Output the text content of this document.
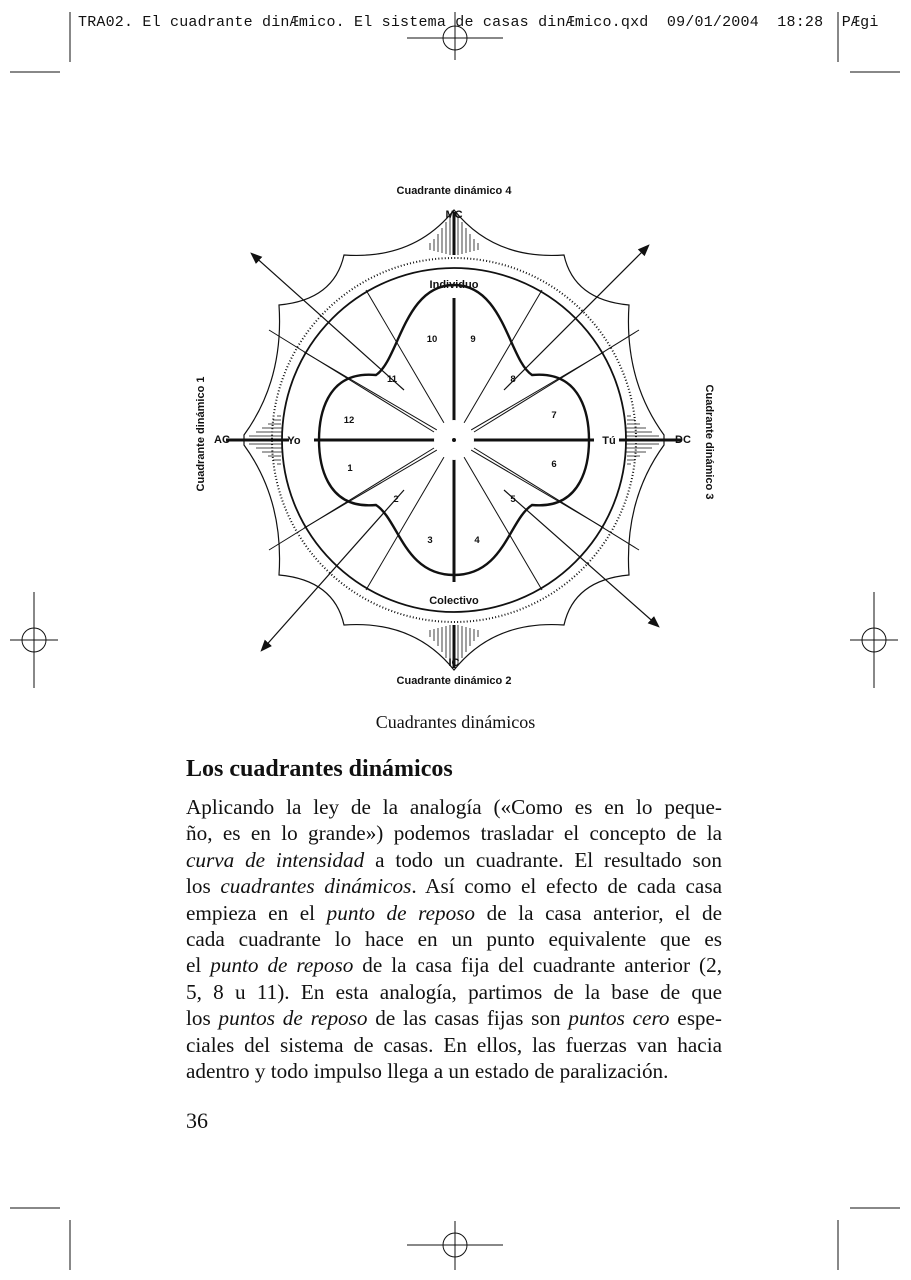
TRA02. El cuadrante dinÆmico. El sistema de casas dinÆmico.qxd  09/01/2004  18:28  PÆgi
Cuadrante dinámico 4
MC
Individuo
Colectivo
IC
Cuadrante dinámico 2
AC	Yo	Tú	DC
Cuadrante dinámico 1	Cuadrante dinámico 3
1
2
3	4
5
6
7
8
9
10
11
12
Cuadrantes dinámicos
Los cuadrantes dinámicos

Aplicando la ley de la analogía («Como es en lo peque-

ño, es en lo grande») podemos trasladar el concepto de la

curva de intensidad a todo un cuadrante. El resultado son

los cuadrantes dinámicos. Así como el efecto de cada casa

empieza en el punto de reposo de la casa anterior, el de

cada cuadrante lo hace en un punto equivalente que es

el punto de reposo de la casa fija del cuadrante anterior (2,

5, 8 u 11). En esta analogía, partimos de la base de que

los puntos de reposo de las casas fijas son puntos cero espe-

ciales del sistema de casas. En ellos, las fuerzas van hacia

adentro y todo impulso llega a un estado de paralización.

36
